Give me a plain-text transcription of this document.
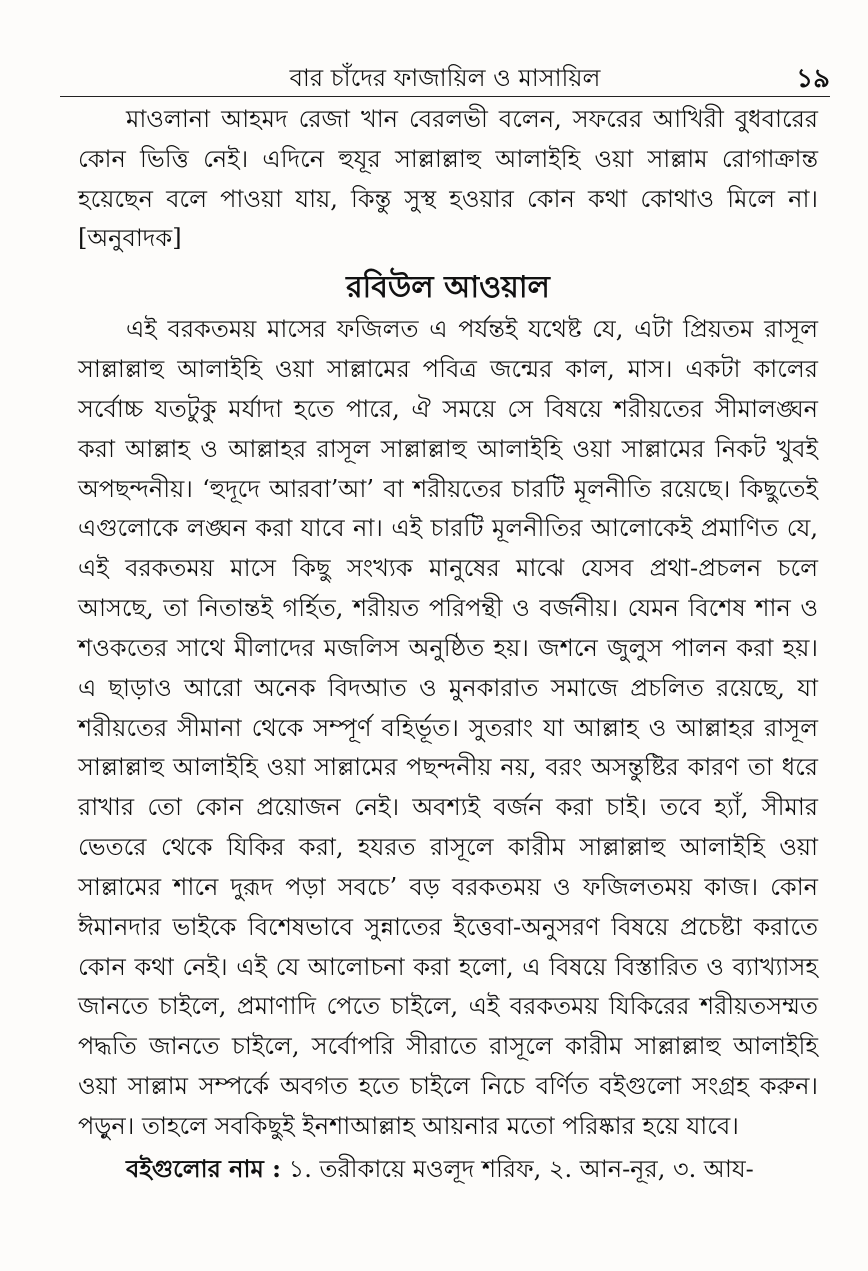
বার চাঁদের ফাজায়িল ও মাসায়িল	১৯

মাওলানা আহমদ রেজা খান বেরলভী বলেন, সফরের আখিরী বুধবারের কোন ভিত্তি নেই। এদিনে হুযূর সাল্লাল্লাহু আলাইহি ওয়া সাল্লাম রোগাক্রান্ত হয়েছেন বলে পাওয়া যায়, কিন্তু সুস্থ হওয়ার কোন কথা কোথাও মিলে না। [অনুবাদক]

রবিউল আওয়াল

এই বরকতময় মাসের ফজিলত এ পর্যন্তই যথেষ্ট যে, এটা প্রিয়তম রাসূল সাল্লাল্লাহু আলাইহি ওয়া সাল্লামের পবিত্র জন্মের কাল, মাস। একটা কালের সর্বোচ্চ যতটুকু মর্যাদা হতে পারে, ঐ সময়ে সে বিষয়ে শরীয়তের সীমালঙ্ঘন করা আল্লাহ ও আল্লাহর রাসূল সাল্লাল্লাহু আলাইহি ওয়া সাল্লামের নিকট খুবই অপছন্দনীয়। ‘হুদূদে আরবা’আ’ বা শরীয়তের চারটি মূলনীতি রয়েছে। কিছুতেই এগুলোকে লঙ্ঘন করা যাবে না। এই চারটি মূলনীতির আলোকেই প্রমাণিত যে, এই বরকতময় মাসে কিছু সংখ্যক মানুষের মাঝে যেসব প্রথা-প্রচলন চলে আসছে, তা নিতান্তই গর্হিত, শরীয়ত পরিপন্থী ও বর্জনীয়। যেমন বিশেষ শান ও শওকতের সাথে মীলাদের মজলিস অনুষ্ঠিত হয়। জশনে জুলুস পালন করা হয়। এ ছাড়াও আরো অনেক বিদআত ও মুনকারাত সমাজে প্রচলিত রয়েছে, যা শরীয়তের সীমানা থেকে সম্পূর্ণ বহির্ভূত। সুতরাং যা আল্লাহ ও আল্লাহর রাসূল সাল্লাল্লাহু আলাইহি ওয়া সাল্লামের পছন্দনীয় নয়, বরং অসন্তুষ্টির কারণ তা ধরে রাখার তো কোন প্রয়োজন নেই। অবশ্যই বর্জন করা চাই। তবে হ্যাঁ, সীমার ভেতরে থেকে যিকির করা, হযরত রাসূলে কারীম সাল্লাল্লাহু আলাইহি ওয়া সাল্লামের শানে দুরূদ পড়া সবচে’ বড় বরকতময় ও ফজিলতময় কাজ। কোন ঈমানদার ভাইকে বিশেষভাবে সুন্নাতের ইত্তেবা-অনুসরণ বিষয়ে প্রচেষ্টা করাতে কোন কথা নেই। এই যে আলোচনা করা হলো, এ বিষয়ে বিস্তারিত ও ব্যাখ্যাসহ জানতে চাইলে, প্রমাণাদি পেতে চাইলে, এই বরকতময় যিকিরের শরীয়তসম্মত পদ্ধতি জানতে চাইলে, সর্বোপরি সীরাতে রাসূলে কারীম সাল্লাল্লাহু আলাইহি ওয়া সাল্লাম সম্পর্কে অবগত হতে চাইলে নিচে বর্ণিত বইগুলো সংগ্রহ করুন। পড়ুন। তাহলে সবকিছুই ইনশাআল্লাহ আয়নার মতো পরিষ্কার হয়ে যাবে।

বইগুলোর নাম : ১. তরীকায়ে মওলূদ শরিফ, ২. আন-নূর, ৩. আয-
